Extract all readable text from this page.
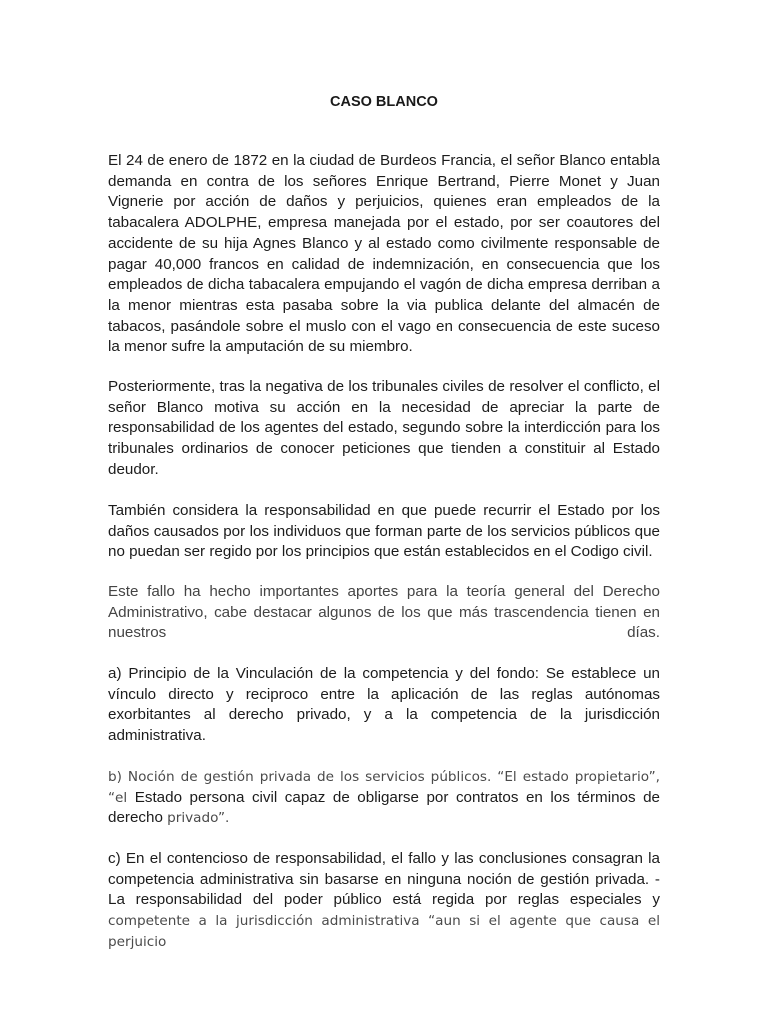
CASO BLANCO

El 24 de enero de 1872 en la ciudad de Burdeos Francia, el señor Blanco entabla demanda en contra de los señores Enrique Bertrand, Pierre Monet y Juan Vignerie por acción de daños y perjuicios, quienes eran empleados de la tabacalera ADOLPHE, empresa manejada por el estado, por ser coautores del accidente de su hija Agnes Blanco y al estado como civilmente responsable de pagar 40,000 francos en calidad de indemnización, en consecuencia que los empleados de dicha tabacalera empujando el vagón de dicha empresa derriban a la menor mientras esta pasaba sobre la via publica delante del almacén de tabacos, pasándole sobre el muslo con el vago en consecuencia de este suceso la menor sufre la amputación de su miembro.

Posteriormente, tras la negativa de los tribunales civiles de resolver el conflicto, el señor Blanco motiva su acción en la necesidad de apreciar la parte de responsabilidad de los agentes del estado, segundo sobre la interdicción para los tribunales ordinarios de conocer peticiones que tienden a constituir al Estado deudor.

También considera la responsabilidad en que puede recurrir el Estado por los daños causados por los individuos que forman parte de los servicios públicos que no puedan ser regido por los principios que están establecidos en el Codigo civil.

Este fallo ha hecho importantes aportes para la teoría general del Derecho Administrativo, cabe destacar algunos de los que más trascendencia tienen en nuestros días.

a) Principio de la Vinculación de la competencia y del fondo: Se establece un vínculo directo y reciproco entre la aplicación de las reglas autónomas exorbitantes al derecho privado, y a la competencia de la jurisdicción administrativa.

b) Noción de gestión privada de los servicios públicos. “El estado propietario”, “el Estado persona civil capaz de obligarse por contratos en los términos de derecho privado”.

c) En el contencioso de responsabilidad, el fallo y las conclusiones consagran la competencia administrativa sin basarse en ninguna noción de gestión privada. - La responsabilidad del poder público está regida por reglas especiales y competente a la jurisdicción administrativa “aun si el agente que causa el perjuicio
